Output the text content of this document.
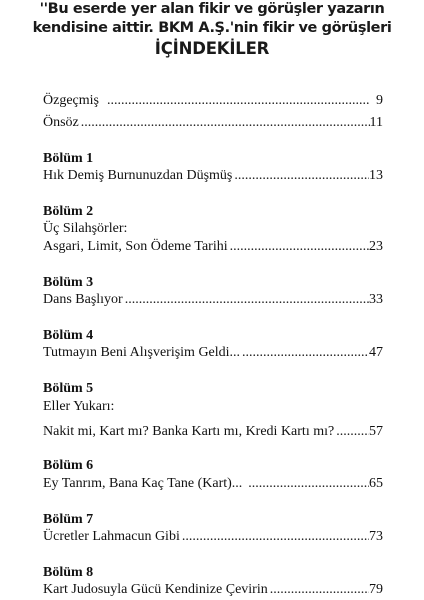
''Bu eserde yer alan fikir ve görüşler yazarın
kendisine aittir. BKM A.Ş.'nin fikir ve görüşleri
İÇİNDEKİLER
Özgeçmiş .....	9
Önsöz .....	11
Bölüm 1
Hık Demiş Burnunuzdan Düşmüş .....	13
Bölüm 2
Üç Silahşörler:
Asgari, Limit, Son Ödeme Tarihi .....	23
Bölüm 3
Dans Başlıyor .....	33
Bölüm 4
Tutmayın Beni Alışverişim Geldi... .....	47
Bölüm 5
Eller Yukarı:
Nakit mi, Kart mı? Banka Kartı mı, Kredi Kartı mı? ..... 57
Bölüm 6
Ey Tanrım, Bana Kaç Tane (Kart)... .....	65
Bölüm 7
Ücretler Lahmacun Gibi .....	73
Bölüm 8
Kart Judosuyla Gücü Kendinize Çevirin .....	79
